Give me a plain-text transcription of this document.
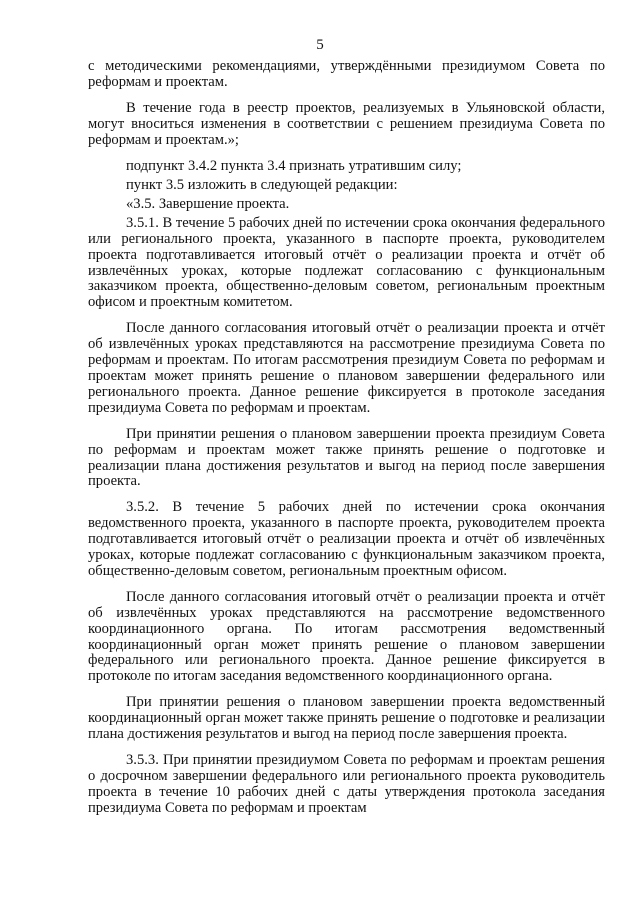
5

с методическими рекомендациями, утверждёнными президиумом Совета по реформам и проектам.

В течение года в реестр проектов, реализуемых в Ульяновской области, могут вноситься изменения в соответствии с решением президиума Совета по реформам и проектам.»;

подпункт 3.4.2 пункта 3.4 признать утратившим силу;

пункт 3.5 изложить в следующей редакции:

«3.5. Завершение проекта.

3.5.1. В течение 5 рабочих дней по истечении срока окончания федерального или регионального проекта, указанного в паспорте проекта, руководителем проекта подготавливается итоговый отчёт о реализации проекта и отчёт об извлечённых уроках, которые подлежат согласованию с функциональным заказчиком проекта, общественно-деловым советом, региональным проектным офисом и проектным комитетом.

После данного согласования итоговый отчёт о реализации проекта и отчёт об извлечённых уроках представляются на рассмотрение президиума Совета по реформам и проектам. По итогам рассмотрения президиум Совета по реформам и проектам может принять решение о плановом завершении федерального или регионального проекта. Данное решение фиксируется в протоколе заседания президиума Совета по реформам и проектам.

При принятии решения о плановом завершении проекта президиум Совета по реформам и проектам может также принять решение о подготовке и реализации плана достижения результатов и выгод на период после завершения проекта.

3.5.2. В течение 5 рабочих дней по истечении срока окончания ведомственного проекта, указанного в паспорте проекта, руководителем проекта подготавливается итоговый отчёт о реализации проекта и отчёт об извлечённых уроках, которые подлежат согласованию с функциональным заказчиком проекта, общественно-деловым советом, региональным проектным офисом.

После данного согласования итоговый отчёт о реализации проекта и отчёт об извлечённых уроках представляются на рассмотрение ведомственного координационного органа. По итогам рассмотрения ведомственный координационный орган может принять решение о плановом завершении федерального или регионального проекта. Данное решение фиксируется в протоколе по итогам заседания ведомственного координационного органа.

При принятии решения о плановом завершении проекта ведомственный координационный орган может также принять решение о подготовке и реализации плана достижения результатов и выгод на период после завершения проекта.

3.5.3. При принятии президиумом Совета по реформам и проектам решения о досрочном завершении федерального или регионального проекта руководитель проекта в течение 10 рабочих дней с даты утверждения протокола заседания президиума Совета по реформам и проектам
